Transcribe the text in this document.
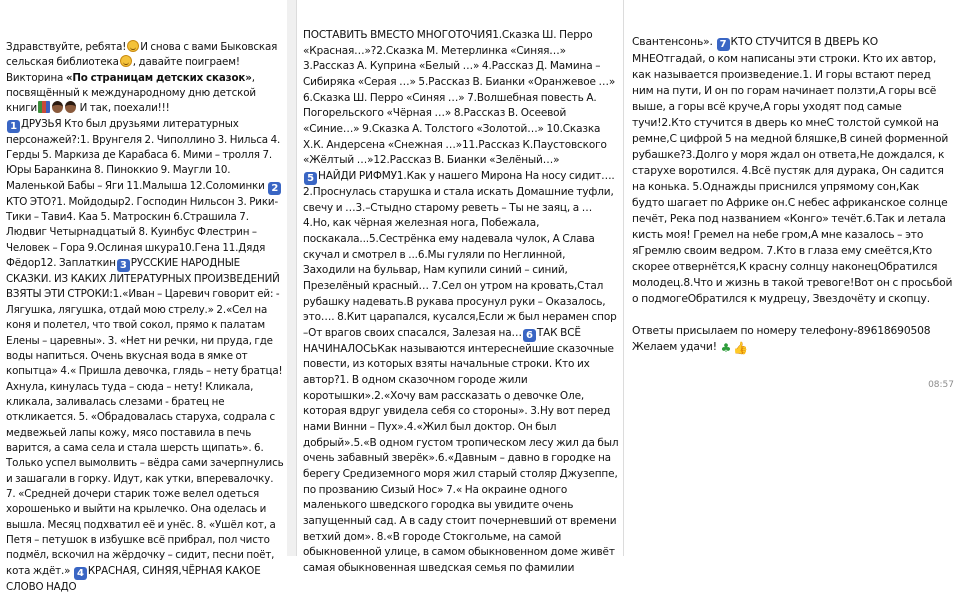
Здравствуйте, ребята! И снова с вами Быковская сельская библиотека , давайте поиграем! Викторина «По страницам детских сказок», посвящённый к международному дню детской книги	И так, поехали!!!
1 ДРУЗЬЯ Кто был друзьями литературных персонажей?:1. Врунгеля 2. Чиполлино 3. Нильса 4. Герды 5. Маркиза де Карабаса 6. Мими – тролля 7. Юры Баранкина 8. Пиноккио 9. Маугли 10. Маленькой Бабы – Яги 11.Малыша 12.Соломинки 2КТО ЭТО?1. Мойдодыр2. Господин Нильсон 3. Рики- Тики – Тави4. Каа 5. Матроскин 6.Страшила 7. Людвиг Четырнадцатый 8. Куинбус Флестрин – Человек – Гора 9.Ослиная шкура10.Гена 11.Дядя Фёдор12. Заплаткин 3 РУССКИЕ НАРОДНЫЕ СКАЗКИ. ИЗ КАКИХ ЛИТЕРАТУРНЫХ ПРОИЗВЕДЕНИЙ ВЗЯТЫ ЭТИ СТРОКИ:1.«Иван – Царевич говорит ей: - Лягушка, лягушка, отдай мою стрелу.» 2.«Сел на коня и полетел, что твой сокол, прямо к палатам Елены – царевны». 3. «Нет ни речки, ни пруда, где воды напиться. Очень вкусная вода в ямке от копытца» 4.« Пришла девочка, глядь – нету братца! Ахнула, кинулась туда – сюда – нету! Кликала, кликала, заливалась слезами - братец не откликается. 5. «Обрадовалась старуха, содрала с медвежьей лапы кожу, мясо поставила в печь варится, а сама села и стала шерсть щипать». 6. Только успел вымолвить – вёдра сами зачерпнулись и зашагали в горку. Идут, как утки, вперевалочку. 7. «Средней дочери старик тоже велел одеться хорошенько и выйти на крылечко. Она оделась и вышла. Месяц подхватил её и унёс. 8. «Ушёл кот, а Петя – петушок в избушке всё прибрал, пол чисто подмёл, вскочил на жёрдочку – сидит, песни поёт, кота ждёт.» 4 КРАСНАЯ, СИНЯЯ,ЧЁРНАЯ КАКОЕ СЛОВО НАДО
ПОСТАВИТЬ ВМЕСТО МНОГОТОЧИЯ1.Сказка Ш. Перро «Красная…»?2.Сказка М. Метерлинка «Синяя…» 3.Рассказ А. Куприна «Белый …» 4.Рассказ Д. Мамина – Сибиряка «Серая …» 5.Рассказ В. Бианки «Оранжевое …» 6.Сказка Ш. Перро «Синяя …» 7.Волшебная повесть А. Погорельского «Чёрная …» 8.Рассказ В. Осеевой «Синие…» 9.Сказка А. Толстого «Золотой…» 10.Сказка Х.К. Андерсена «Снежная …»11.Рассказ К.Паустовского «Жёлтый …»12.Рассказ В. Бианки «Зелёный…»
5 НАЙДИ РИФМУ1.Как у нашего Мирона На носу сидит…. 2.Проснулась старушка и стала искать Домашние туфли, свечу и …3.–Стыдно старому реветь – Ты не заяц, а … 4.Но, как чёрная железная нога, Побежала, поскакала...5.Сестрёнка ему надевала чулок, А Слава скучал и смотрел в ...6.Мы гуляли по Неглинной, Заходили на бульвар, Нам купили синий – синий, Презелёный красный… 7.Сел он утром на кровать,Стал рубашку надевать.В рукава просунул руки – Оказалось, это…. 8.Кит царапался, кусался,Если ж был нерамен спор –От врагов своих спасался, Залезая на… 6 ТАК ВСЁ НАЧИНАЛОСЬКак называются интереснейшие сказочные повести, из которых взяты начальные строки. Кто их автор?1. В одном сказочном городе жили коротышки».2.«Хочу вам рассказать о девочке Оле, которая вдруг увидела себя со стороны». 3.Ну вот перед нами Винни – Пух».4.«Жил был доктор. Он был добрый».5.«В одном густом тропическом лесу жил да был очень забавный зверёк».6.«Давным – давно в городке на берегу Средиземного моря жил старый столяр Джузеппе, по прозванию Сизый Нос» 7.« На окраине одного маленького шведского городка вы увидите очень запущенный сад. А в саду стоит почерневший от времени ветхий дом». 8.«В городе Стокгольме, на самой обыкновенной улице, в самом обыкновенном доме живёт самая обыкновенная шведская семья по фамилии
Свантенсонь». 7 КТО СТУЧИТСЯ В ДВЕРЬ КО МНЕОтгадай, о ком написаны эти строки. Кто их автор, как называется произведение.1. И горы встают перед ним на пути, И он по горам начинает ползти,А горы всё выше, а горы всё круче,А горы уходят под самые тучи!2.Кто стучится в дверь ко мнеС толстой сумкой на ремне,С цифрой 5 на медной бляшке,В синей форменной рубашке?3.Долго у моря ждал он ответа,Не дождался, к старухе воротился. 4.Всё пустяк для дурака, Он садится на конька. 5.Однажды приснился упрямому сон,Как будто шагает по Африке он.С небес африканское солнце печёт, Река под названием «Конго» течёт.6.Так и летала кисть моя! Гремел на небе гром,А мне казалось – это яГремлю своим ведром. 7.Кто в глаза ему смеётся,Кто скорее отвернётся,К красну солнцу наконецОбратился молодец.8.Что и жизнь в такой тревоге!Вот он с просьбой о подмогеОбратился к мудрецу, Звездочёту и скопцу.
Ответы присылаем по номеру телефону-89618690508
Желаем удачи! ♣ 👍
08:57
